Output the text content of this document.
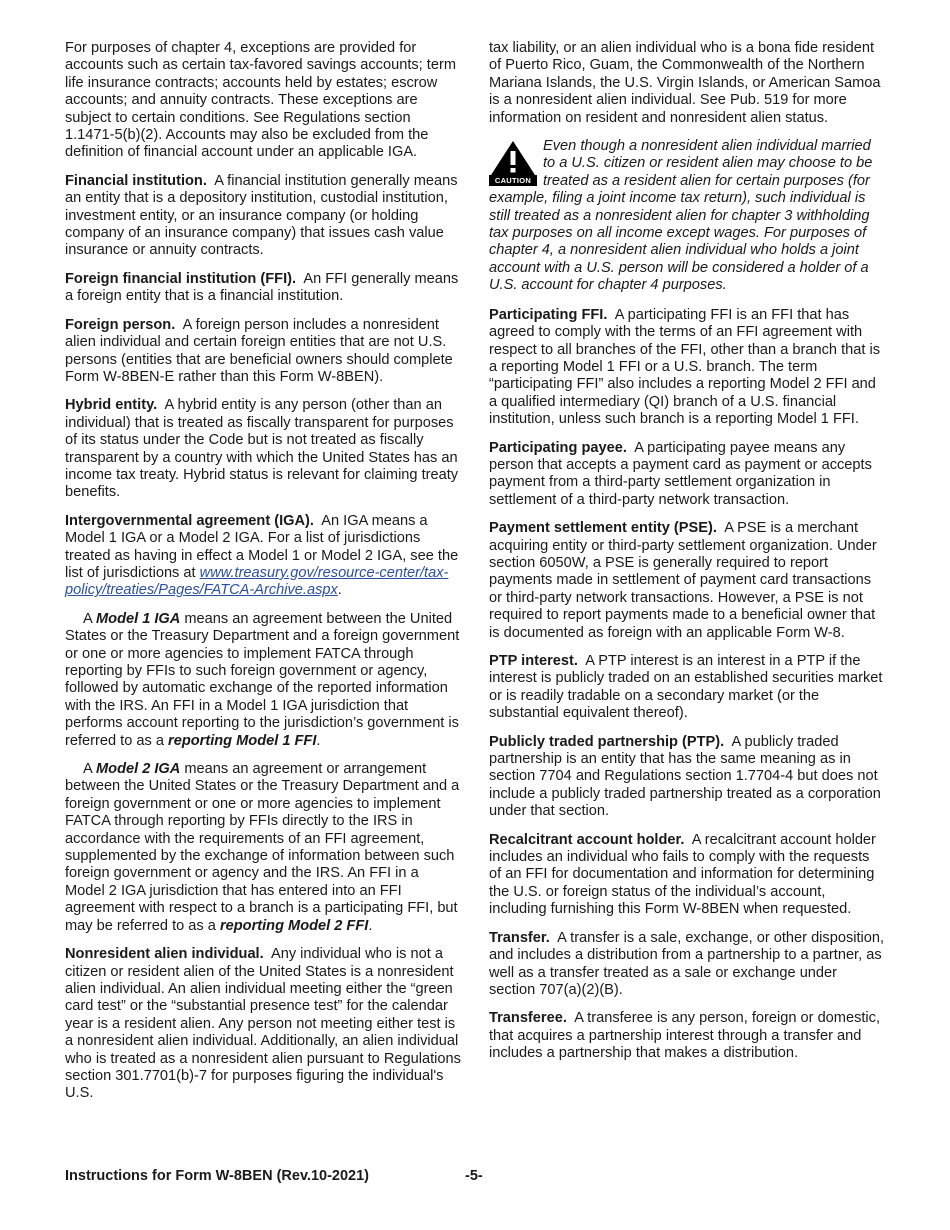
For purposes of chapter 4, exceptions are provided for accounts such as certain tax-favored savings accounts; term life insurance contracts; accounts held by estates; escrow accounts; and annuity contracts. These exceptions are subject to certain conditions. See Regulations section 1.1471-5(b)(2). Accounts may also be excluded from the definition of financial account under an applicable IGA.

Financial institution. A financial institution generally means an entity that is a depository institution, custodial institution, investment entity, or an insurance company (or holding company of an insurance company) that issues cash value insurance or annuity contracts.

Foreign financial institution (FFI). An FFI generally means a foreign entity that is a financial institution.

Foreign person. A foreign person includes a nonresident alien individual and certain foreign entities that are not U.S. persons (entities that are beneficial owners should complete Form W-8BEN-E rather than this Form W-8BEN).

Hybrid entity. A hybrid entity is any person (other than an individual) that is treated as fiscally transparent for purposes of its status under the Code but is not treated as fiscally transparent by a country with which the United States has an income tax treaty. Hybrid status is relevant for claiming treaty benefits.

Intergovernmental agreement (IGA). An IGA means a Model 1 IGA or a Model 2 IGA. For a list of jurisdictions treated as having in effect a Model 1 or Model 2 IGA, see the list of jurisdictions at www.treasury.gov/resource-center/tax-policy/treaties/Pages/FATCA-Archive.aspx.

A Model 1 IGA means an agreement between the United States or the Treasury Department and a foreign government or one or more agencies to implement FATCA through reporting by FFIs to such foreign government or agency, followed by automatic exchange of the reported information with the IRS. An FFI in a Model 1 IGA jurisdiction that performs account reporting to the jurisdiction’s government is referred to as a reporting Model 1 FFI.

A Model 2 IGA means an agreement or arrangement between the United States or the Treasury Department and a foreign government or one or more agencies to implement FATCA through reporting by FFIs directly to the IRS in accordance with the requirements of an FFI agreement, supplemented by the exchange of information between such foreign government or agency and the IRS. An FFI in a Model 2 IGA jurisdiction that has entered into an FFI agreement with respect to a branch is a participating FFI, but may be referred to as a reporting Model 2 FFI.

Nonresident alien individual. Any individual who is not a citizen or resident alien of the United States is a nonresident alien individual. An alien individual meeting either the “green card test” or the “substantial presence test” for the calendar year is a resident alien. Any person not meeting either test is a nonresident alien individual. Additionally, an alien individual who is treated as a nonresident alien pursuant to Regulations section 301.7701(b)-7 for purposes figuring the individual's U.S.

tax liability, or an alien individual who is a bona fide resident of Puerto Rico, Guam, the Commonwealth of the Northern Mariana Islands, the U.S. Virgin Islands, or American Samoa is a nonresident alien individual. See Pub. 519 for more information on resident and nonresident alien status.

CAUTION
Even though a nonresident alien individual married to a U.S. citizen or resident alien may choose to be treated as a resident alien for certain purposes (for example, filing a joint income tax return), such individual is still treated as a nonresident alien for chapter 3 withholding tax purposes on all income except wages. For purposes of chapter 4, a nonresident alien individual who holds a joint account with a U.S. person will be considered a holder of a U.S. account for chapter 4 purposes.

Participating FFI. A participating FFI is an FFI that has agreed to comply with the terms of an FFI agreement with respect to all branches of the FFI, other than a branch that is a reporting Model 1 FFI or a U.S. branch. The term “participating FFI” also includes a reporting Model 2 FFI and a qualified intermediary (QI) branch of a U.S. financial institution, unless such branch is a reporting Model 1 FFI.

Participating payee. A participating payee means any person that accepts a payment card as payment or accepts payment from a third-party settlement organization in settlement of a third-party network transaction.

Payment settlement entity (PSE). A PSE is a merchant acquiring entity or third-party settlement organization. Under section 6050W, a PSE is generally required to report payments made in settlement of payment card transactions or third-party network transactions. However, a PSE is not required to report payments made to a beneficial owner that is documented as foreign with an applicable Form W-8.

PTP interest. A PTP interest is an interest in a PTP if the interest is publicly traded on an established securities market or is readily tradable on a secondary market (or the substantial equivalent thereof).

Publicly traded partnership (PTP). A publicly traded partnership is an entity that has the same meaning as in section 7704 and Regulations section 1.7704-4 but does not include a publicly traded partnership treated as a corporation under that section.

Recalcitrant account holder. A recalcitrant account holder includes an individual who fails to comply with the requests of an FFI for documentation and information for determining the U.S. or foreign status of the individual’s account, including furnishing this Form W-8BEN when requested.

Transfer. A transfer is a sale, exchange, or other disposition, and includes a distribution from a partnership to a partner, as well as a transfer treated as a sale or exchange under section 707(a)(2)(B).

Transferee. A transferee is any person, foreign or domestic, that acquires a partnership interest through a transfer and includes a partnership that makes a distribution.

Instructions for Form W-8BEN (Rev.10-2021)	-5-
